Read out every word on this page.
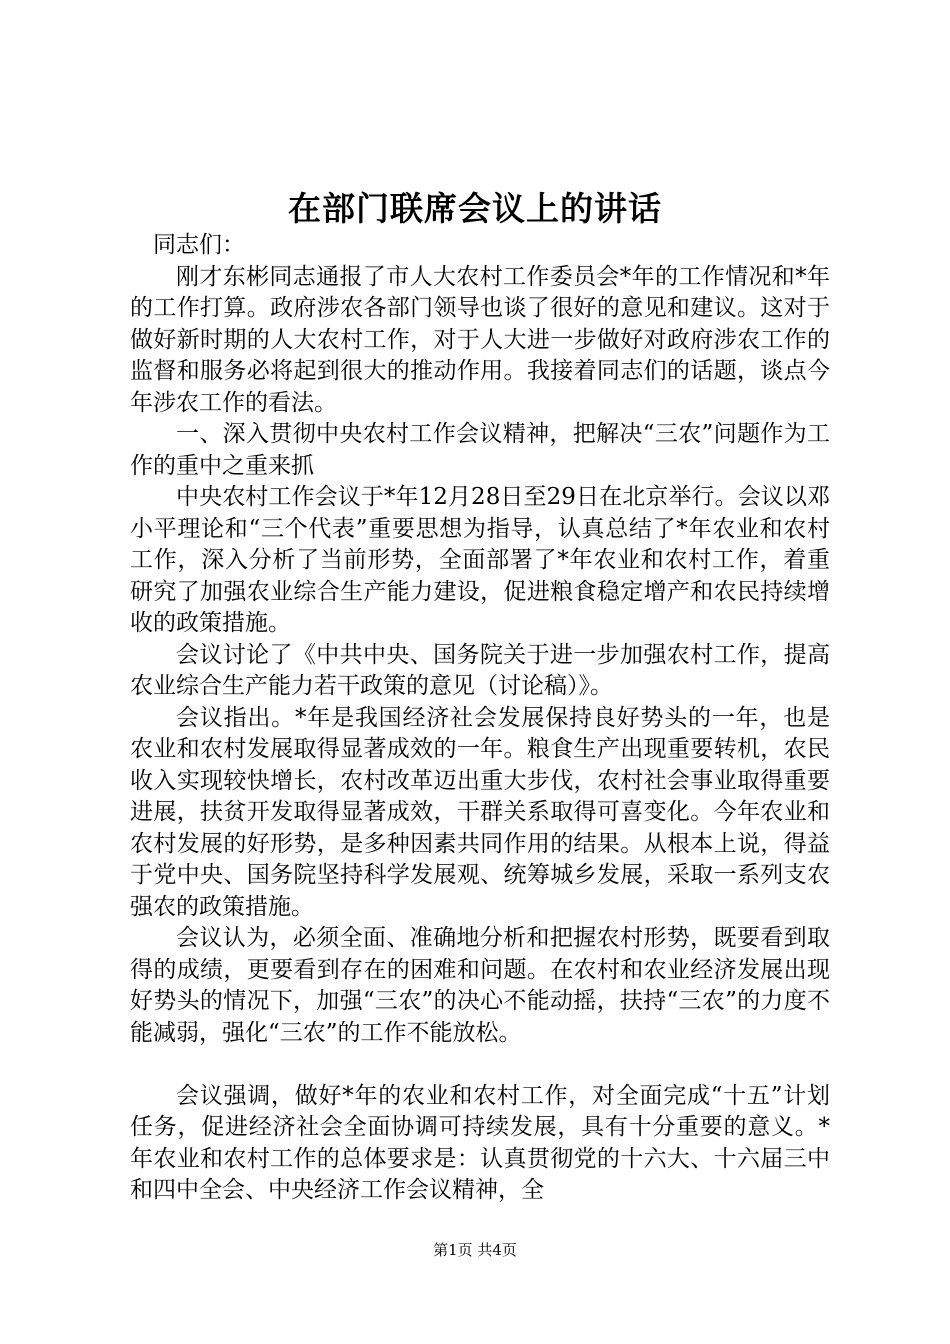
在部门联席会议上的讲话

同志们：

刚才东彬同志通报了市人大农村工作委员会*年的工作情况和*年的工作打算。政府涉农各部门领导也谈了很好的意见和建议。这对于做好新时期的人大农村工作，对于人大进一步做好对政府涉农工作的监督和服务必将起到很大的推动作用。我接着同志们的话题，谈点今年涉农工作的看法。

一、深入贯彻中央农村工作会议精神，把解决“三农”问题作为工作的重中之重来抓

中央农村工作会议于*年12月28日至29日在北京举行。会议以邓小平理论和“三个代表”重要思想为指导，认真总结了*年农业和农村工作，深入分析了当前形势，全面部署了*年农业和农村工作，着重研究了加强农业综合生产能力建设，促进粮食稳定增产和农民持续增收的政策措施。

会议讨论了《中共中央、国务院关于进一步加强农村工作，提高农业综合生产能力若干政策的意见（讨论稿）》。

会议指出。*年是我国经济社会发展保持良好势头的一年，也是农业和农村发展取得显著成效的一年。粮食生产出现重要转机，农民收入实现较快增长，农村改革迈出重大步伐，农村社会事业取得重要进展，扶贫开发取得显著成效，干群关系取得可喜变化。今年农业和农村发展的好形势，是多种因素共同作用的结果。从根本上说，得益于党中央、国务院坚持科学发展观、统筹城乡发展，采取一系列支农强农的政策措施。

会议认为，必须全面、准确地分析和把握农村形势，既要看到取得的成绩，更要看到存在的困难和问题。在农村和农业经济发展出现好势头的情况下，加强“三农”的决心不能动摇，扶持“三农”的力度不能减弱，强化“三农”的工作不能放松。

会议强调，做好*年的农业和农村工作，对全面完成“十五”计划任务，促进经济社会全面协调可持续发展，具有十分重要的意义。*年农业和农村工作的总体要求是：认真贯彻党的十六大、十六届三中和四中全会、中央经济工作会议精神，全

第1页 共4页
